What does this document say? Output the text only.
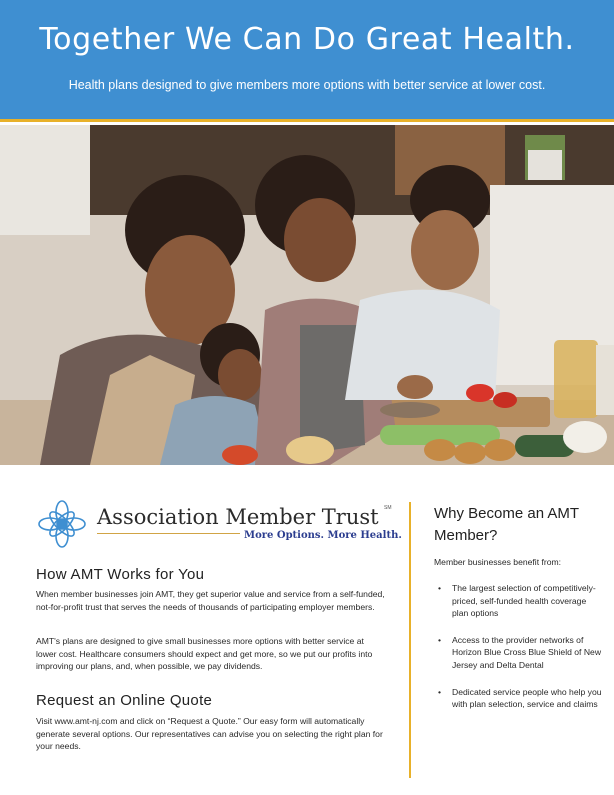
Together We Can Do Great Health.

Health plans designed to give members more options with better service at lower cost.

Association Member Trust SM
More Options. More Health.
How AMT Works for You
When member businesses join AMT, they get superior value and service from a self-funded, not-for-profit trust that serves the needs of thousands of participating employer members.
AMT's plans are designed to give small businesses more options with better service at lower cost. Healthcare consumers should expect and get more, so we put our profits into improving our plans, and, when possible, we pay dividends.
Request an Online Quote
Visit www.amt-nj.com and click on “Request a Quote.” Our easy form will automatically generate several options. Our representatives can advise you on selecting the right plan for your needs.
Why Become an AMT Member?
Member businesses benefit from:
• The largest selection of competitively-priced, self-funded health coverage plan options
• Access to the provider networks of Horizon Blue Cross Blue Shield of New Jersey and Delta Dental
• Dedicated service people who help you with plan selection, service and claims
